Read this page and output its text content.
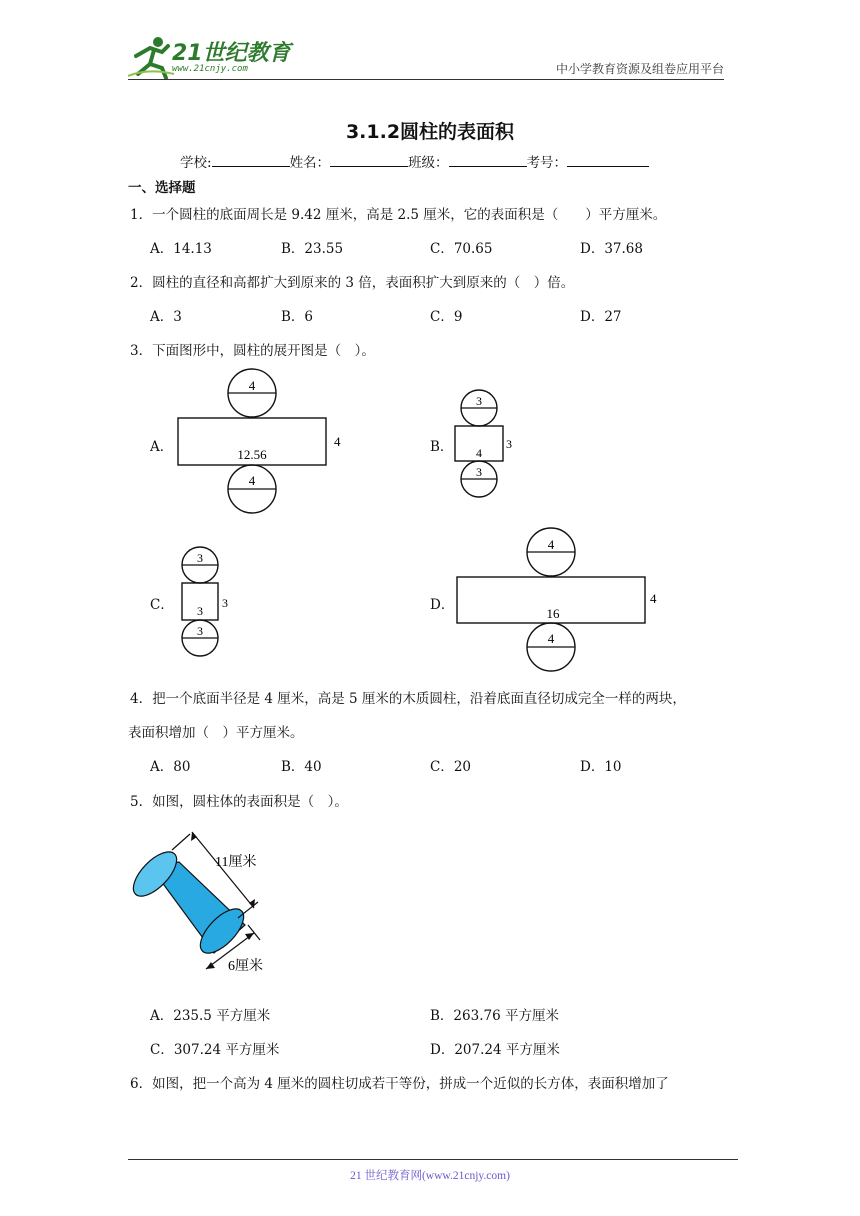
21世纪教育
www.21cnjy.com	中小学教育资源及组卷应用平台
3.1.2圆柱的表面积
学校:	姓名：	班级：	考号：
一、选择题
1．一个圆柱的底面周长是 9.42 厘米，高是 2.5 厘米，它的表面积是（　　）平方厘米。
A．14.13	B．23.55	C．70.65	D．37.68
2．圆柱的直径和高都扩大到原来的 3 倍，表面积扩大到原来的（　）倍。
A．3	B．6	C．9	D．27
3．下面图形中，圆柱的展开图是（　）。
A．
4
12.56
4
4
B．
3
4
3
3
C．
3
3
3
3
D．
4
16
4
4
4．把一个底面半径是 4 厘米，高是 5 厘米的木质圆柱，沿着底面直径切成完全一样的两块，
表面积增加（　）平方厘米。
A．80	B．40	C．20	D．10
5．如图，圆柱体的表面积是（　）。
11厘米
6厘米
A．235.5 平方厘米	B．263.76 平方厘米
C．307.24 平方厘米	D．207.24 平方厘米
6．如图，把一个高为 4 厘米的圆柱切成若干等份，拼成一个近似的长方体，表面积增加了
21 世纪教育网(www.21cnjy.com)
